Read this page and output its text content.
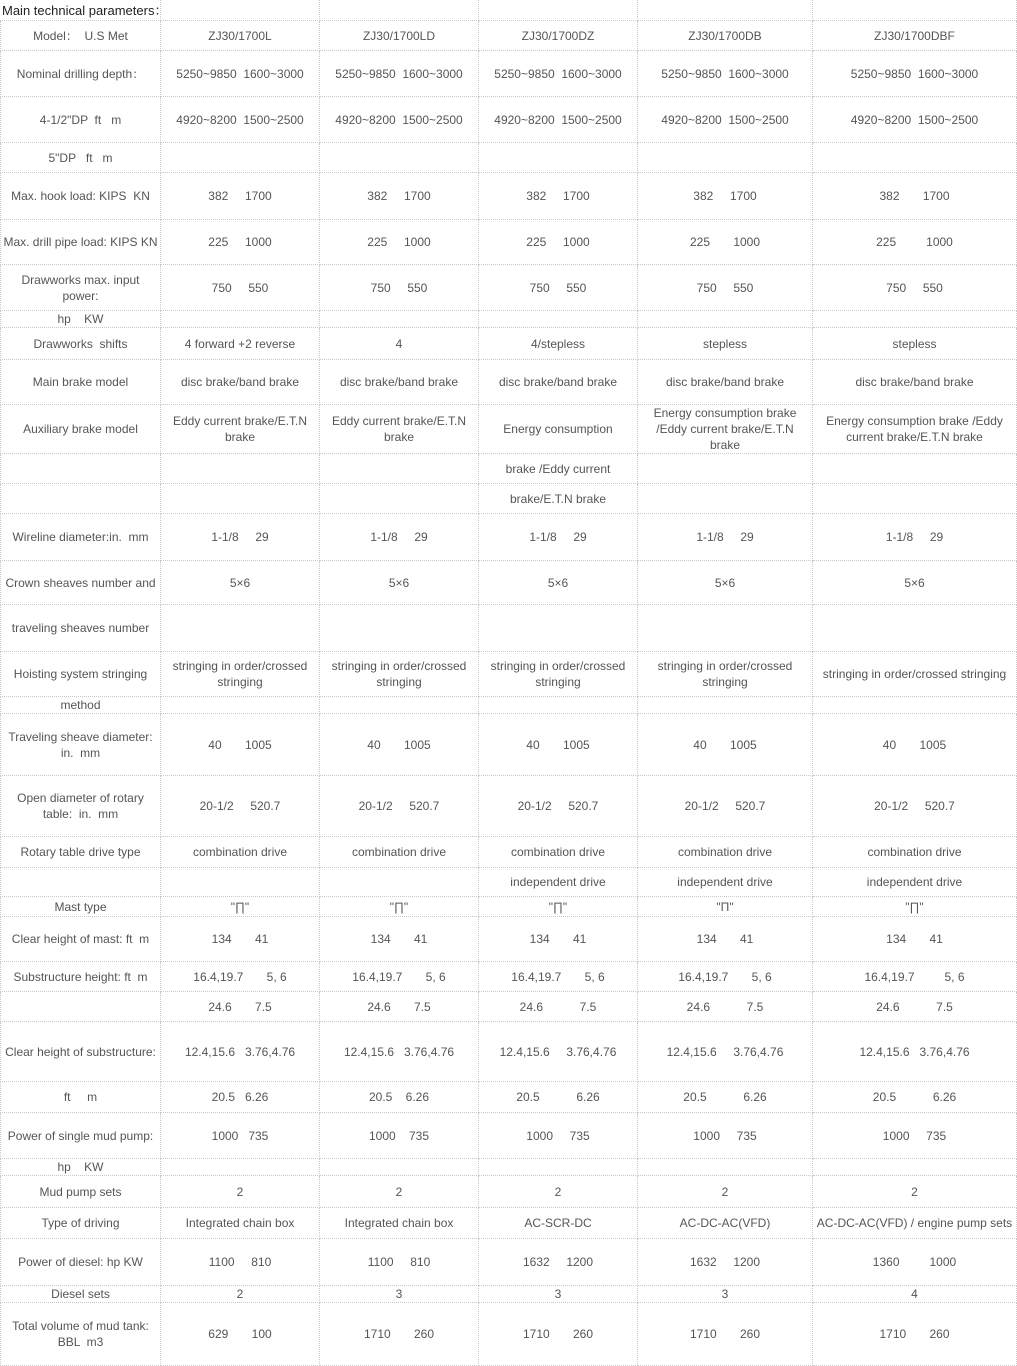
Model：  U.S Met	ZJ30/1700L	ZJ30/1700LD	ZJ30/1700DZ	ZJ30/1700DB	ZJ30/1700DBF
Nominal drilling depth：	5250~9850  1600~3000	5250~9850  1600~3000	5250~9850  1600~3000	5250~9850  1600~3000	5250~9850  1600~3000
4-1/2"DP  ft   m	4920~8200  1500~2500	4920~8200  1500~2500	4920~8200  1500~2500	4920~8200  1500~2500	4920~8200  1500~2500
5"DP   ft   m					
Max. hook load: KIPS  KN	382     1700	382     1700	382     1700	382     1700	382       1700
Max. drill pipe load: KIPS KN	225     1000	225     1000	225     1000	225       1000	225         1000
Drawworks max. input power:	750     550	750     550	750     550	750     550	750     550
hp    KW					
Drawworks  shifts	4 forward +2 reverse	4	4/stepless	stepless	stepless
Main brake model	disc brake/band brake	disc brake/band brake	disc brake/band brake	disc brake/band brake	disc brake/band brake
Auxiliary brake model	Eddy current brake/E.T.N brake	Eddy current brake/E.T.N brake	Energy consumption	Energy consumption brake /Eddy current brake/E.T.N brake	Energy consumption brake /Eddy current brake/E.T.N brake
			brake /Eddy current		
			brake/E.T.N brake		
Wireline diameter:in.  mm	1-1/8     29	1-1/8     29	1-1/8     29	1-1/8     29	1-1/8     29
Crown sheaves number and	5×6	5×6	5×6	5×6	5×6
traveling sheaves number					
Hoisting system stringing	stringing in order/crossed stringing	stringing in order/crossed stringing	stringing in order/crossed stringing	stringing in order/crossed stringing	stringing in order/crossed stringing
method					
Traveling sheave diameter: in.  mm	40       1005	40       1005	40       1005	40       1005	40       1005
Open diameter of rotary table:  in.  mm	20-1/2     520.7	20-1/2     520.7	20-1/2     520.7	20-1/2     520.7	20-1/2     520.7
Rotary table drive type	combination drive	combination drive	combination drive	combination drive	combination drive
			independent drive	independent drive	independent drive
Mast type	"∏"	"∏"	"∏"	"Π"	"∏"
Clear height of mast: ft  m	134       41	134       41	134       41	134       41	134       41
Substructure height: ft  m	16.4,19.7       5, 6	16.4,19.7       5, 6	16.4,19.7       5, 6	16.4,19.7       5, 6	16.4,19.7         5, 6
	24.6       7.5	24.6       7.5	24.6           7.5	24.6           7.5	24.6           7.5
Clear height of substructure:	12.4,15.6   3.76,4.76	12.4,15.6   3.76,4.76	12.4,15.6     3.76,4.76	12.4,15.6     3.76,4.76	12.4,15.6   3.76,4.76
ft     m	20.5   6.26	20.5    6.26	20.5           6.26	20.5           6.26	20.5           6.26
Power of single mud pump:	1000   735	1000    735	1000     735	1000     735	1000     735
hp    KW					
Mud pump sets	2	2	2	2	2
Type of driving	Integrated chain box	Integrated chain box	AC-SCR-DC	AC-DC-AC(VFD)	AC-DC-AC(VFD) / engine pump sets
Power of diesel: hp KW	1100     810	1100     810	1632     1200	1632     1200	1360         1000
Diesel sets	2	3	3	3	4
Total volume of mud tank: BBL  m3	629       100	1710       260	1710       260	1710       260	1710       260
Main technical parameters：
